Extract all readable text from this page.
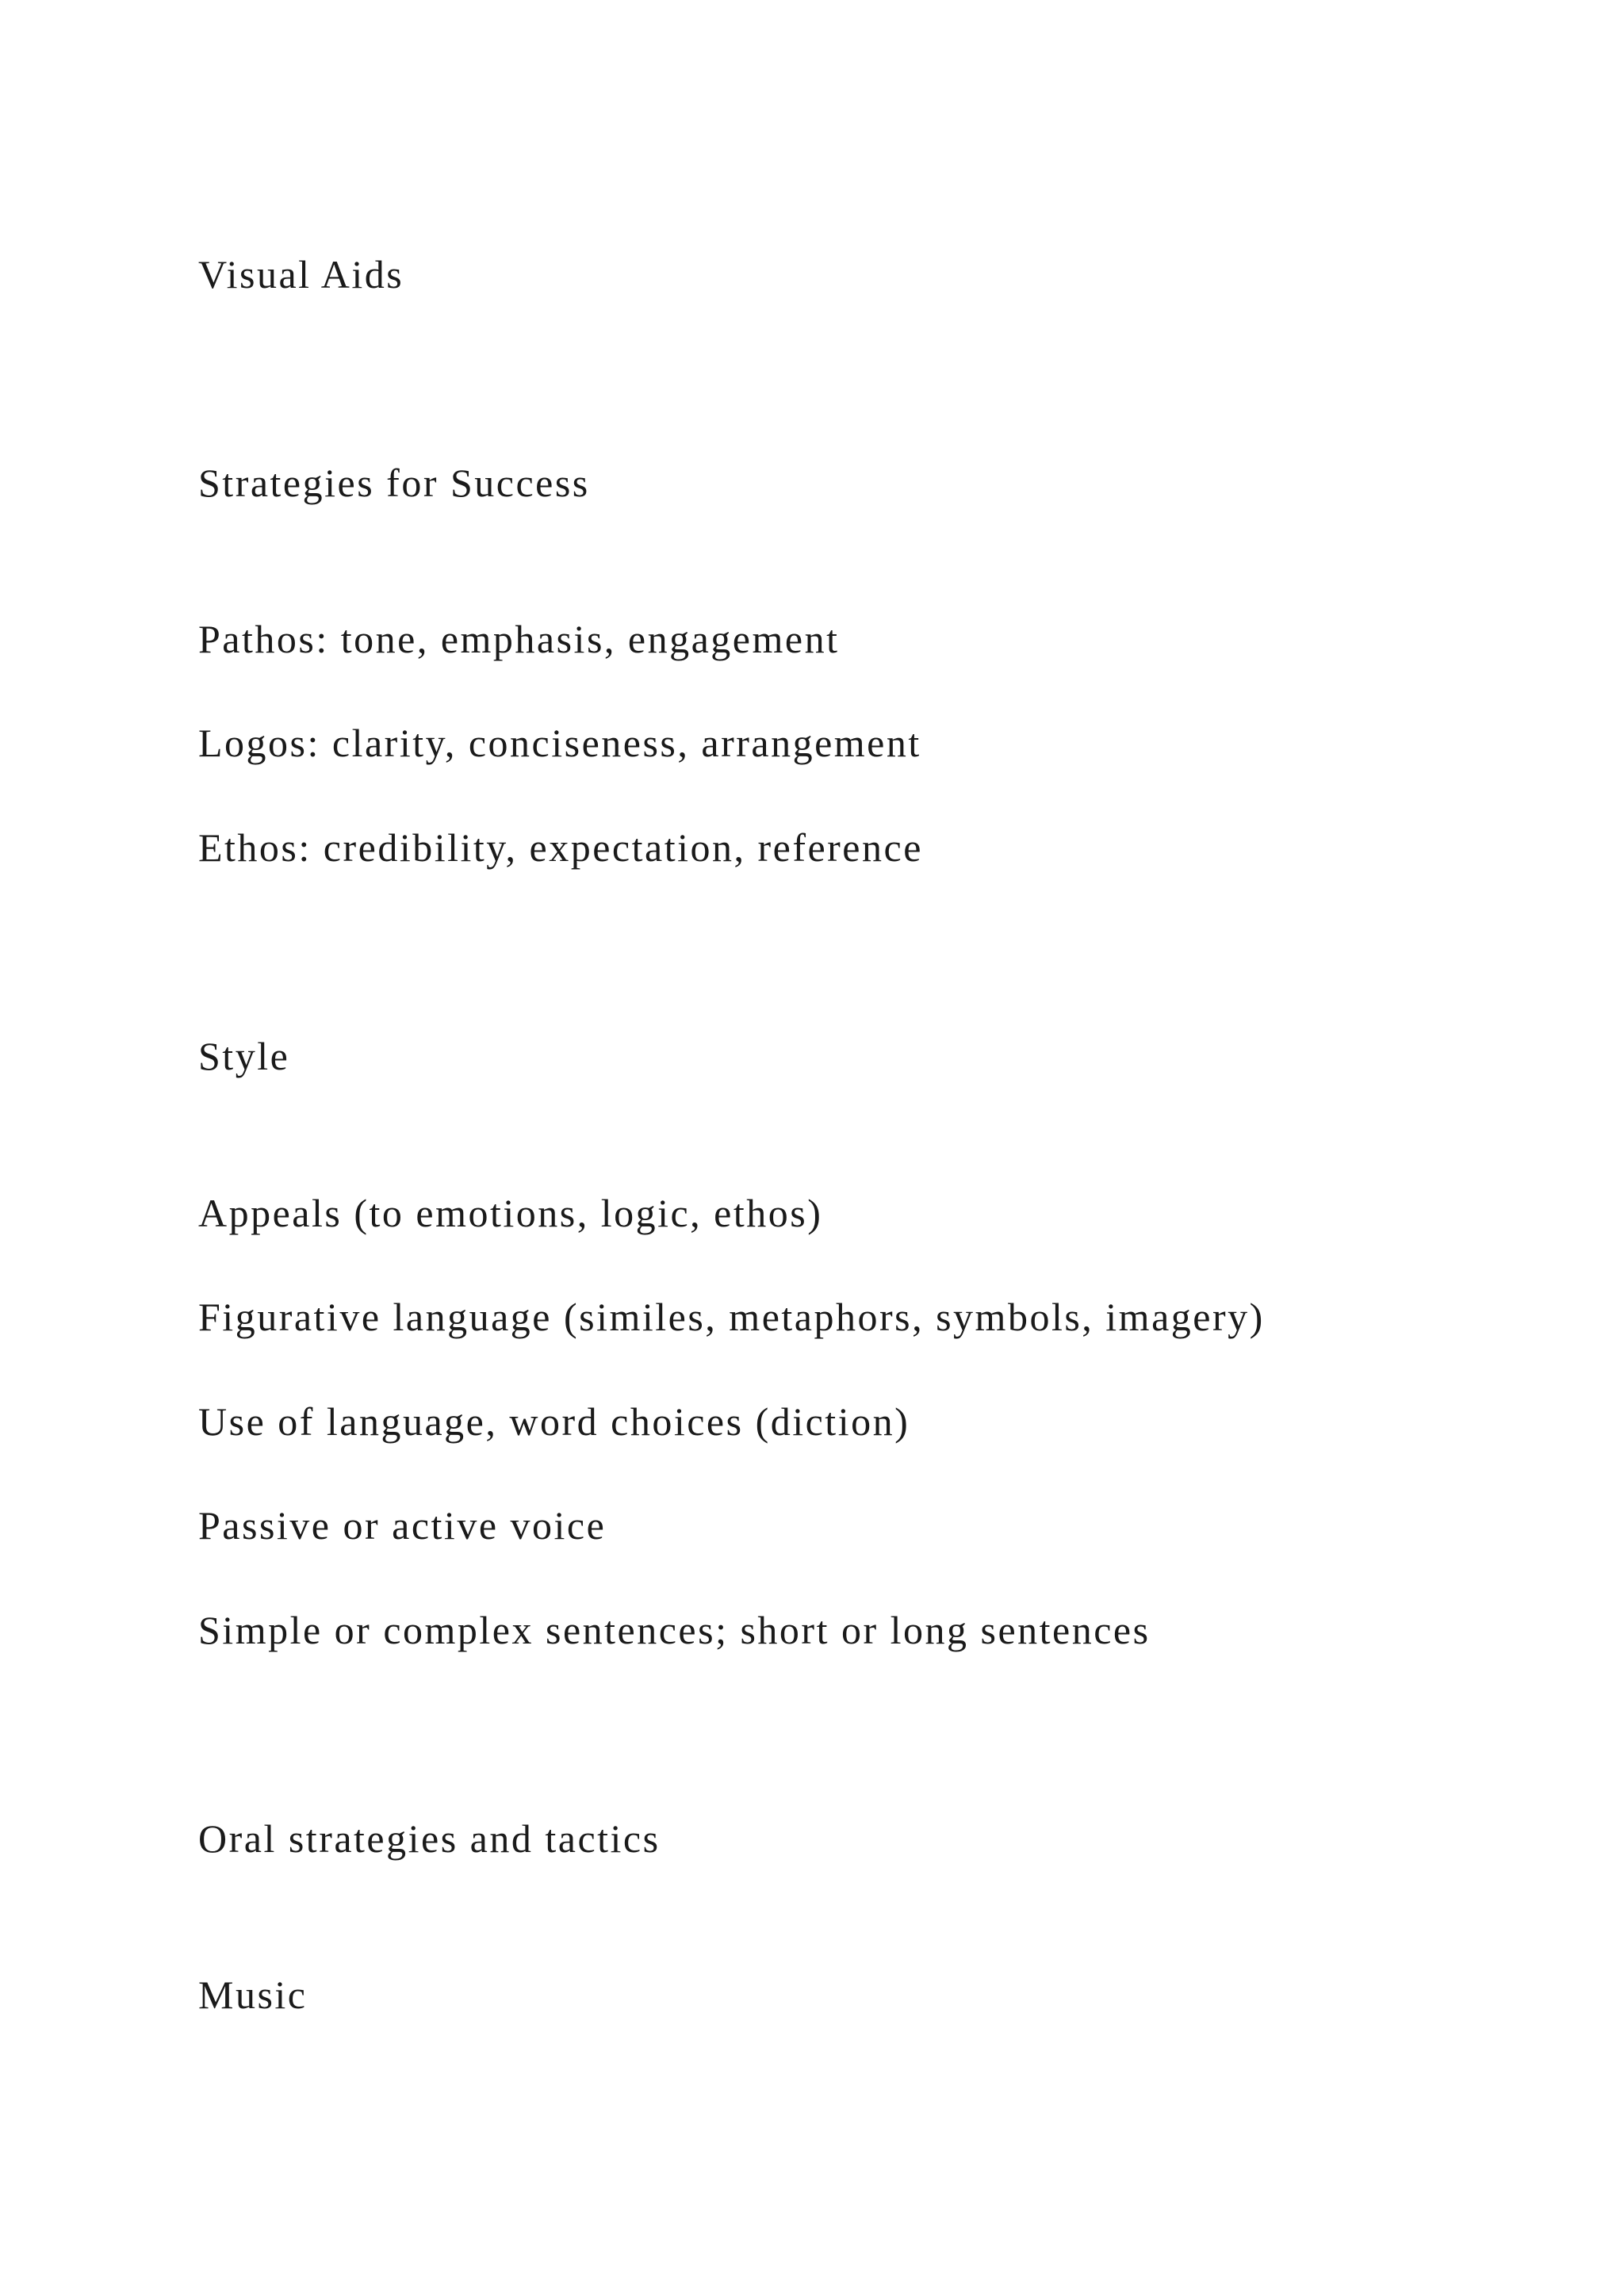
Visual Aids

Strategies for Success

Pathos: tone, emphasis, engagement

Logos: clarity, conciseness, arrangement

Ethos: credibility, expectation, reference

Style

Appeals (to emotions, logic, ethos)

Figurative language (similes, metaphors, symbols, imagery)

Use of language, word choices (diction)

Passive or active voice

Simple or complex sentences; short or long sentences

Oral strategies and tactics

Music
